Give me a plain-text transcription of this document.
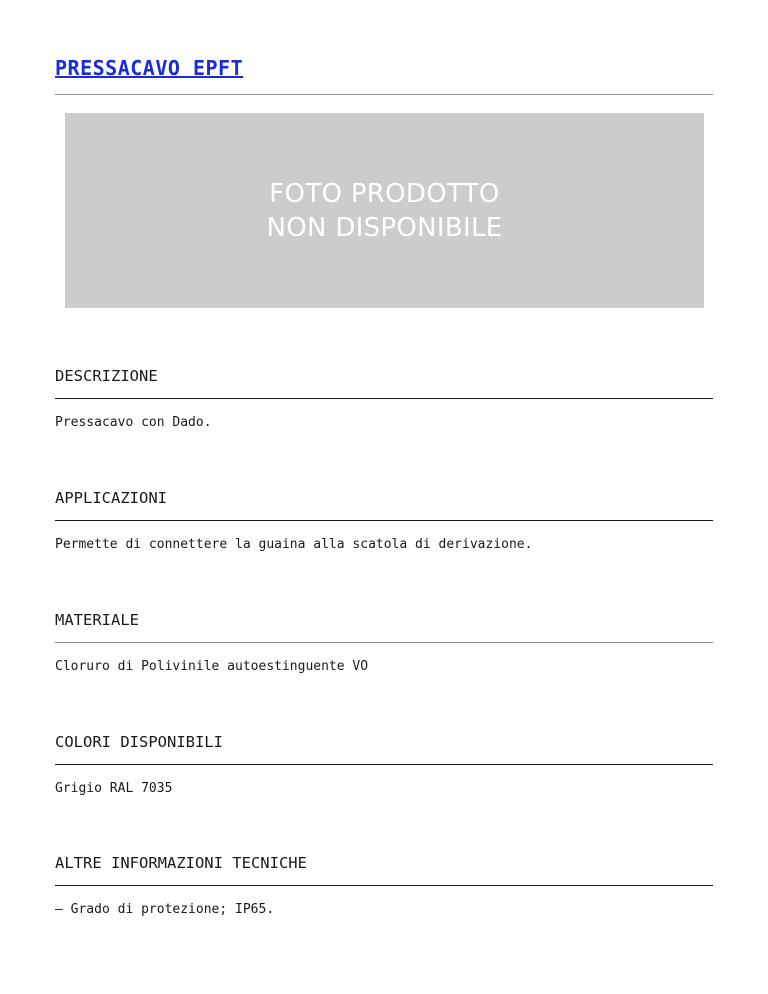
PRESSACAVO EPFT
FOTO PRODOTTO
NON DISPONIBILE
DESCRIZIONE

Pressacavo con Dado.

APPLICAZIONI

Permette di connettere la guaina alla scatola di derivazione.

MATERIALE

Cloruro di Polivinile autoestinguente VO

COLORI DISPONIBILI

Grigio RAL 7035

ALTRE INFORMAZIONI TECNICHE

– Grado di protezione; IP65.
